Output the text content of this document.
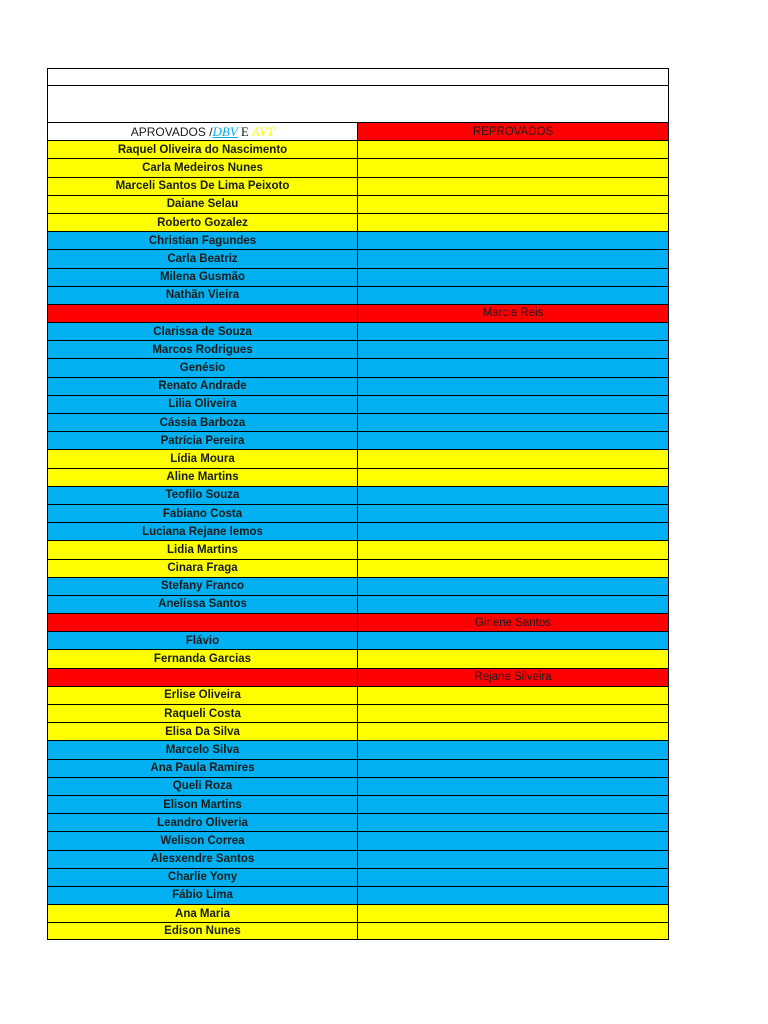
APROVADOS / DBV E AVT	REPROVADOS
Raquel Oliveira do Nascimento
Carla Medeiros Nunes
Marceli Santos De Lima Peixoto
Daiane Selau
Roberto Gozalez
Christian Fagundes
Carla Beatriz
Milena Gusmão
Nathãn Vieira
Marcia Reis
Clarissa de Souza
Marcos Rodrigues
Genésio
Renato Andrade
Lilia Oliveira
Cássia Barboza
Patrícia Pereira
Lídia Moura
Aline Martins
Teofilo Souza
Fabiano Costa
Luciana Rejane lemos
Lidia Martins
Cinara Fraga
Stefany Franco
Anelissa Santos
Girlene Santos
Flávio
Fernanda Garcias
Rejane Silveira
Erlise Oliveira
Raqueli Costa
Elisa Da Silva
Marcelo Silva
Ana Paula Ramires
Queli Roza
Elison Martins
Leandro Oliveria
Welison Correa
Alesxendre Santos
Charlie Yony
Fábio Lima
Ana Maria
Edison Nunes
